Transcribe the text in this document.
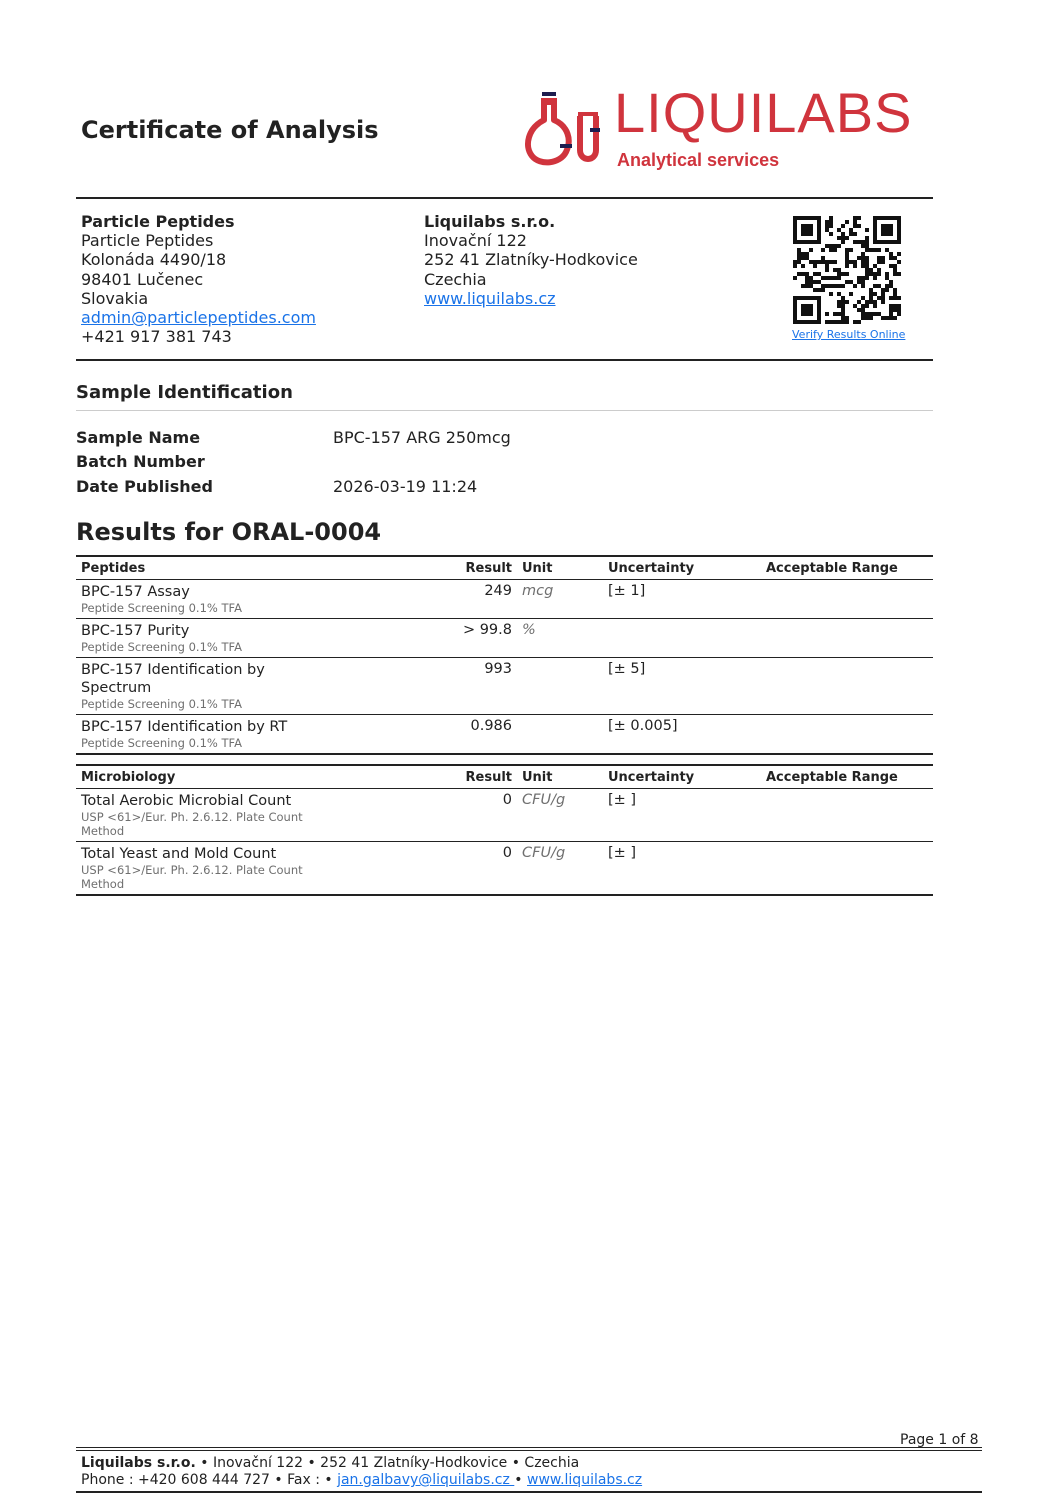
Certificate of Analysis	LIQUILABS
Analytical services
Particle Peptides
Particle Peptides
Kolonáda 4490/18
98401 Lučenec
Slovakia
admin@particlepeptides.com
+421 917 381 743
Liquilabs s.r.o.
Inovační 122
252 41 Zlatníky-Hodkovice
Czechia
www.liquilabs.cz
Verify Results Online
Sample Identification
Sample Name	BPC-157 ARG 250mcg
Batch Number
Date Published	2026-03-19 11:24
Results for ORAL-0004
Peptides	Result	Unit	Uncertainty	Acceptable Range

BPC-157 Assay
Peptide Screening 0.1% TFA	249	mcg	[± 1]	

BPC-157 Purity
Peptide Screening 0.1% TFA	> 99.8	%		

BPC-157 Identification by Spectrum
Peptide Screening 0.1% TFA	993		[± 5]	

BPC-157 Identification by RT
Peptide Screening 0.1% TFA	0.986		[± 0.005]	
Microbiology	Result	Unit	Uncertainty	Acceptable Range

Total Aerobic Microbial Count
USP <61>/Eur. Ph. 2.6.12. Plate Count Method	0	CFU/g	[± ]	

Total Yeast and Mold Count
USP <61>/Eur. Ph. 2.6.12. Plate Count Method	0	CFU/g	[± ]	
Page 1 of 8
Liquilabs s.r.o. • Inovační 122 • 252 41 Zlatníky-Hodkovice • Czechia
Phone : +420 608 444 727 • Fax : • jan.galbavy@liquilabs.cz • www.liquilabs.cz
